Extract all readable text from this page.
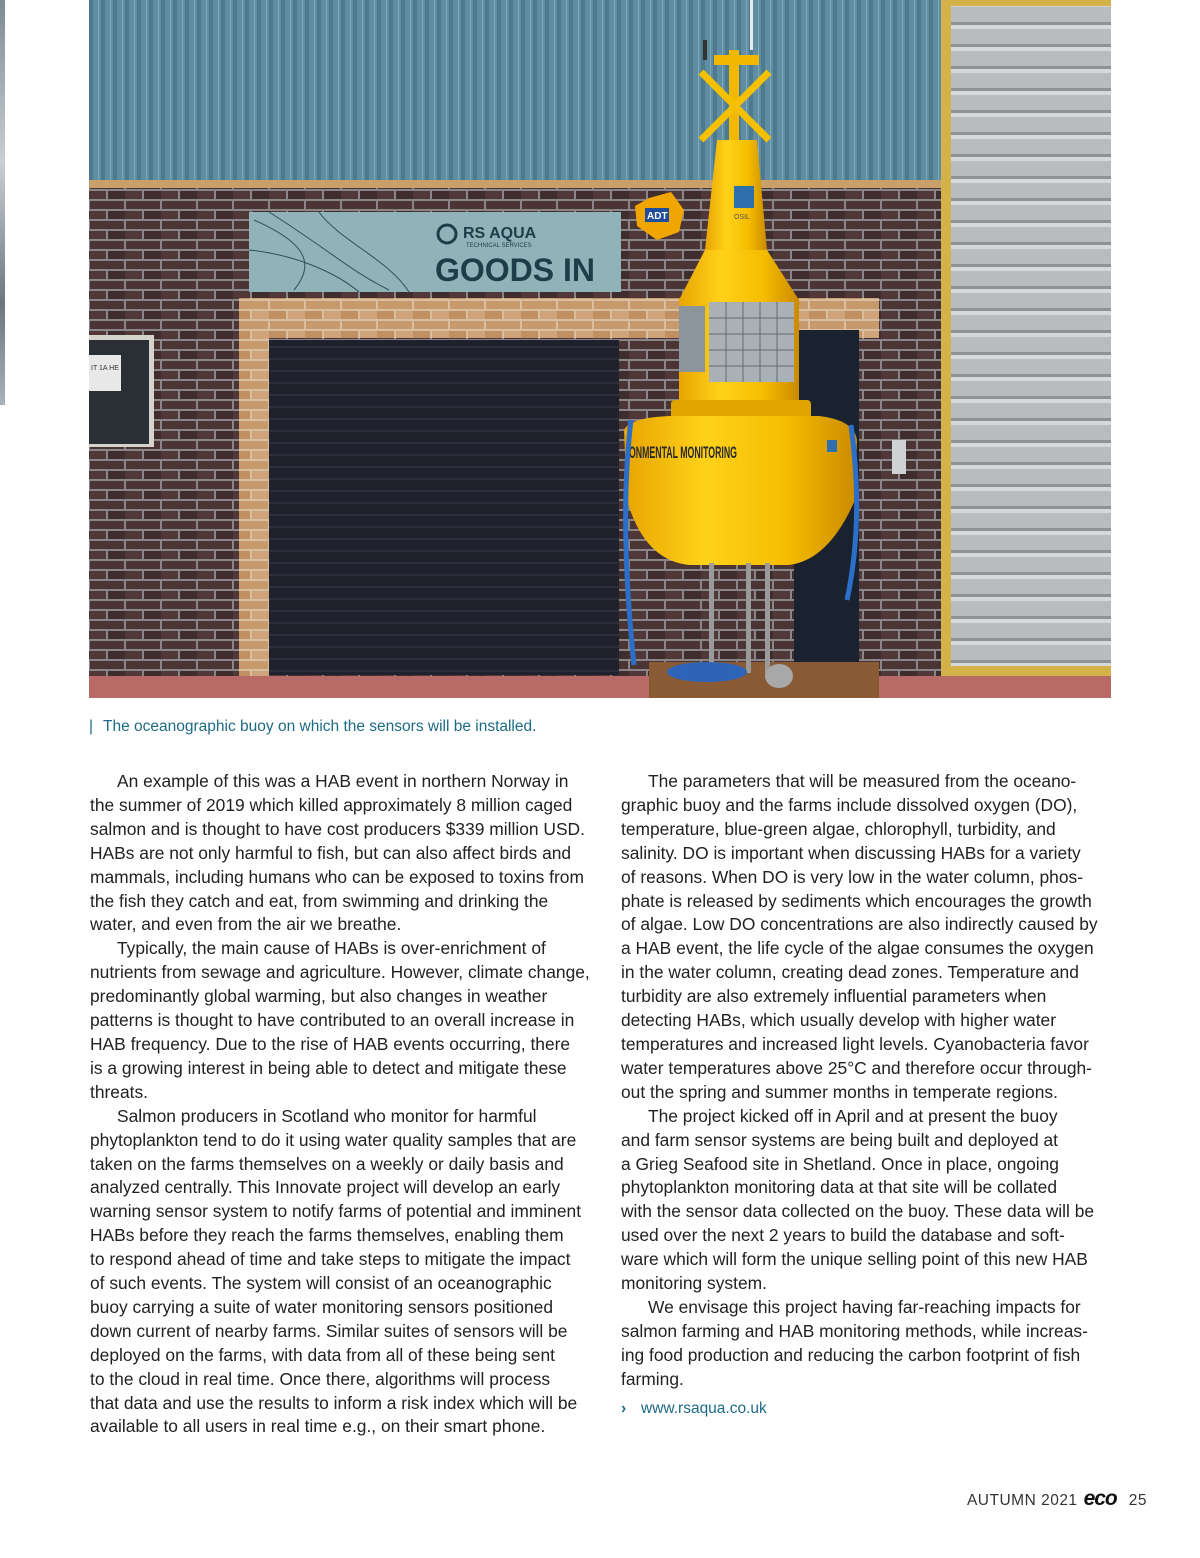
RS AQUA
TECHNICAL SERVICES
GOODS IN
ADT
IT 1A HE PWAY
OSIL
ONMENTAL MONITORING
| The oceanographic buoy on which the sensors will be installed.

An example of this was a HAB event in northern Norway in
the summer of 2019 which killed approximately 8 million caged
salmon and is thought to have cost producers $339 million USD.
HABs are not only harmful to fish, but can also affect birds and
mammals, including humans who can be exposed to toxins from
the fish they catch and eat, from swimming and drinking the
water, and even from the air we breathe.

Typically, the main cause of HABs is over-enrichment of
nutrients from sewage and agriculture. However, climate change,
predominantly global warming, but also changes in weather
patterns is thought to have contributed to an overall increase in
HAB frequency. Due to the rise of HAB events occurring, there
is a growing interest in being able to detect and mitigate these
threats.

Salmon producers in Scotland who monitor for harmful
phytoplankton tend to do it using water quality samples that are
taken on the farms themselves on a weekly or daily basis and
analyzed centrally. This Innovate project will develop an early
warning sensor system to notify farms of potential and imminent
HABs before they reach the farms themselves, enabling them
to respond ahead of time and take steps to mitigate the impact
of such events. The system will consist of an oceanographic
buoy carrying a suite of water monitoring sensors positioned
down current of nearby farms. Similar suites of sensors will be
deployed on the farms, with data from all of these being sent
to the cloud in real time. Once there, algorithms will process
that data and use the results to inform a risk index which will be
available to all users in real time e.g., on their smart phone.

The parameters that will be measured from the oceano-
graphic buoy and the farms include dissolved oxygen (DO),
temperature, blue-green algae, chlorophyll, turbidity, and
salinity. DO is important when discussing HABs for a variety
of reasons. When DO is very low in the water column, phos-
phate is released by sediments which encourages the growth
of algae. Low DO concentrations are also indirectly caused by
a HAB event, the life cycle of the algae consumes the oxygen
in the water column, creating dead zones. Temperature and
turbidity are also extremely influential parameters when
detecting HABs, which usually develop with higher water
temperatures and increased light levels. Cyanobacteria favor
water temperatures above 25°C and therefore occur through-
out the spring and summer months in temperate regions.

The project kicked off in April and at present the buoy
and farm sensor systems are being built and deployed at
a Grieg Seafood site in Shetland. Once in place, ongoing
phytoplankton monitoring data at that site will be collated
with the sensor data collected on the buoy. These data will be
used over the next 2 years to build the database and soft-
ware which will form the unique selling point of this new HAB
monitoring system.

We envisage this project having far-reaching impacts for
salmon farming and HAB monitoring methods, while increas-
ing food production and reducing the carbon footprint of fish
farming.

› www.rsaqua.co.uk
AUTUMN 2021 eco 25
